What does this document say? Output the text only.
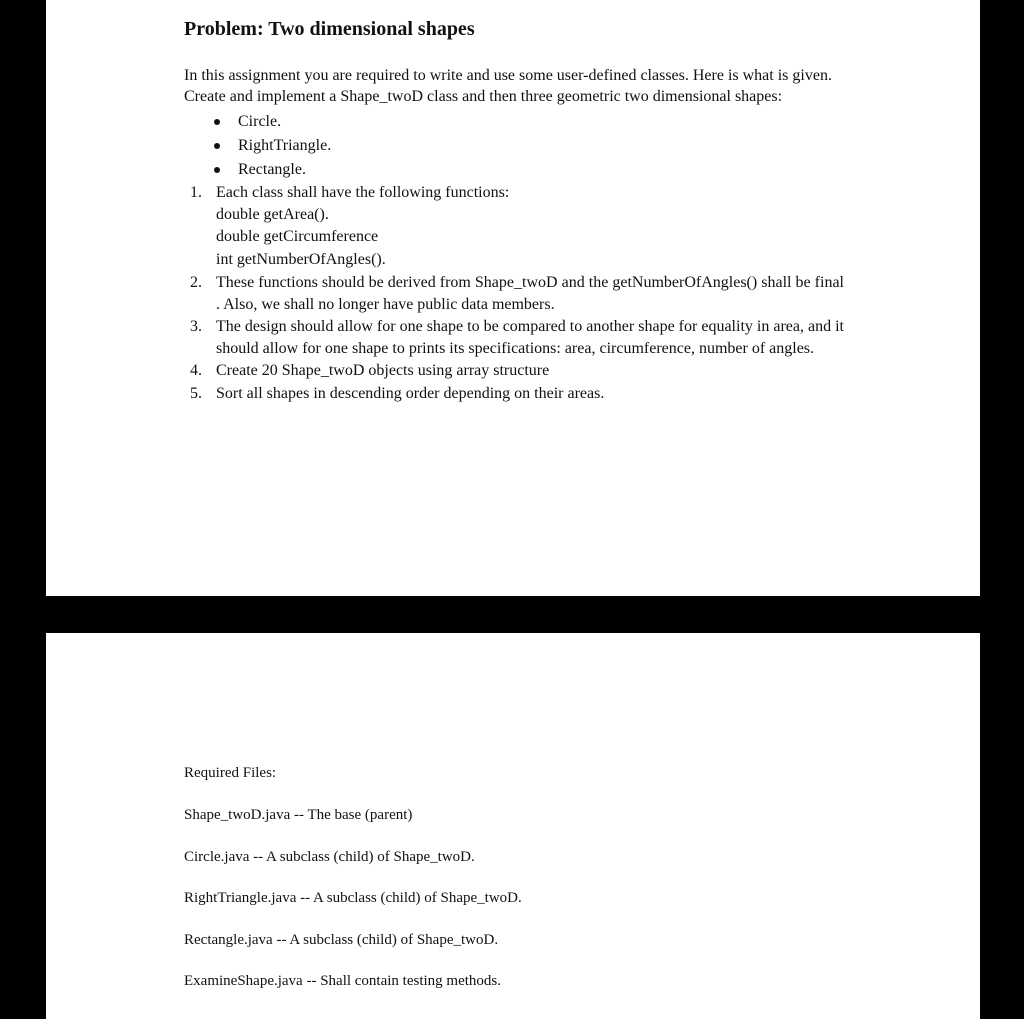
Problem: Two dimensional shapes

In this assignment you are required to write and use some user-defined classes. Here is what is given.

Create and implement a Shape_twoD class and then three geometric two dimensional shapes:

Circle.
RightTriangle.
Rectangle.
1. Each class shall have the following functions:
double getArea().
double getCircumference
int getNumberOfAngles().
2. These functions should be derived from Shape_twoD and the getNumberOfAngles() shall be final . Also, we shall no longer have public data members.
3. The design should allow for one shape to be compared to another shape for equality in area, and it should allow for one shape to prints its specifications: area, circumference, number of angles.
4. Create 20 Shape_twoD objects using array structure
5. Sort all shapes in descending order depending on their areas.
Required Files:
Shape_twoD.java -- The base (parent)
Circle.java -- A subclass (child) of Shape_twoD.
RightTriangle.java -- A subclass (child) of Shape_twoD.
Rectangle.java -- A subclass (child) of Shape_twoD.
ExamineShape.java -- Shall contain testing methods.
